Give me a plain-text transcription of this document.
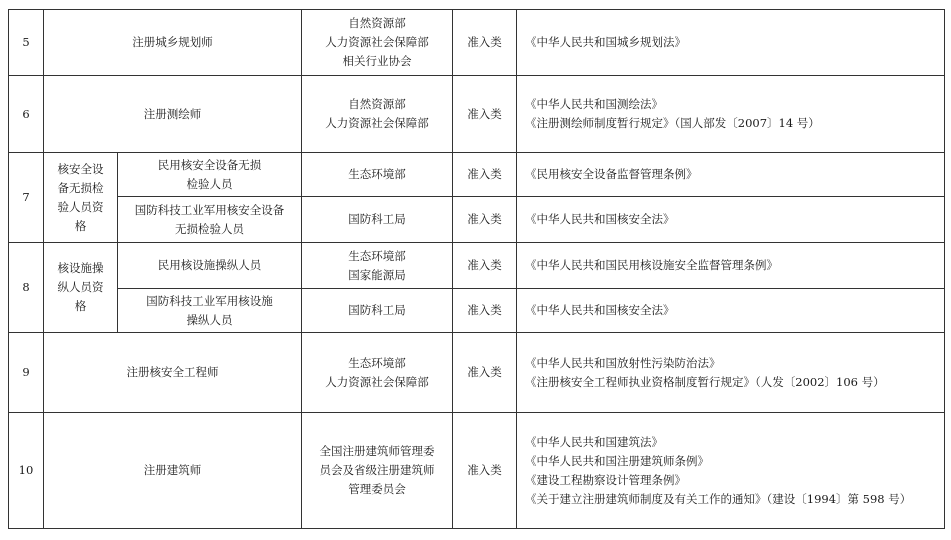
5	注册城乡规划师		自然资源部
人力资源社会保障部
相关行业协会	准入类	《中华人民共和国城乡规划法》

6	注册测绘师		自然资源部
人力资源社会保障部	准入类	《中华人民共和国测绘法》
《注册测绘师制度暂行规定》（国人部发〔2007〕14 号）

7	核安全设备无损检验人员资格	民用核安全设备无损
检验人员	生态环境部	准入类	《民用核安全设备监督管理条例》

		国防科技工业军用核安全设备
无损检验人员	国防科工局	准入类	《中华人民共和国核安全法》

8	核设施操纵人员资格	民用核设施操纵人员	生态环境部
国家能源局	准入类	《中华人民共和国民用核设施安全监督管理条例》

		国防科技工业军用核设施
操纵人员	国防科工局	准入类	《中华人民共和国核安全法》

9	注册核安全工程师		生态环境部
人力资源社会保障部	准入类	《中华人民共和国放射性污染防治法》
《注册核安全工程师执业资格制度暂行规定》（人发〔2002〕106 号）

10	注册建筑师		全国注册建筑师管理委
员会及省级注册建筑师
管理委员会	准入类	《中华人民共和国建筑法》
《中华人民共和国注册建筑师条例》
《建设工程勘察设计管理条例》
《关于建立注册建筑师制度及有关工作的通知》（建设〔1994〕第 598 号）
